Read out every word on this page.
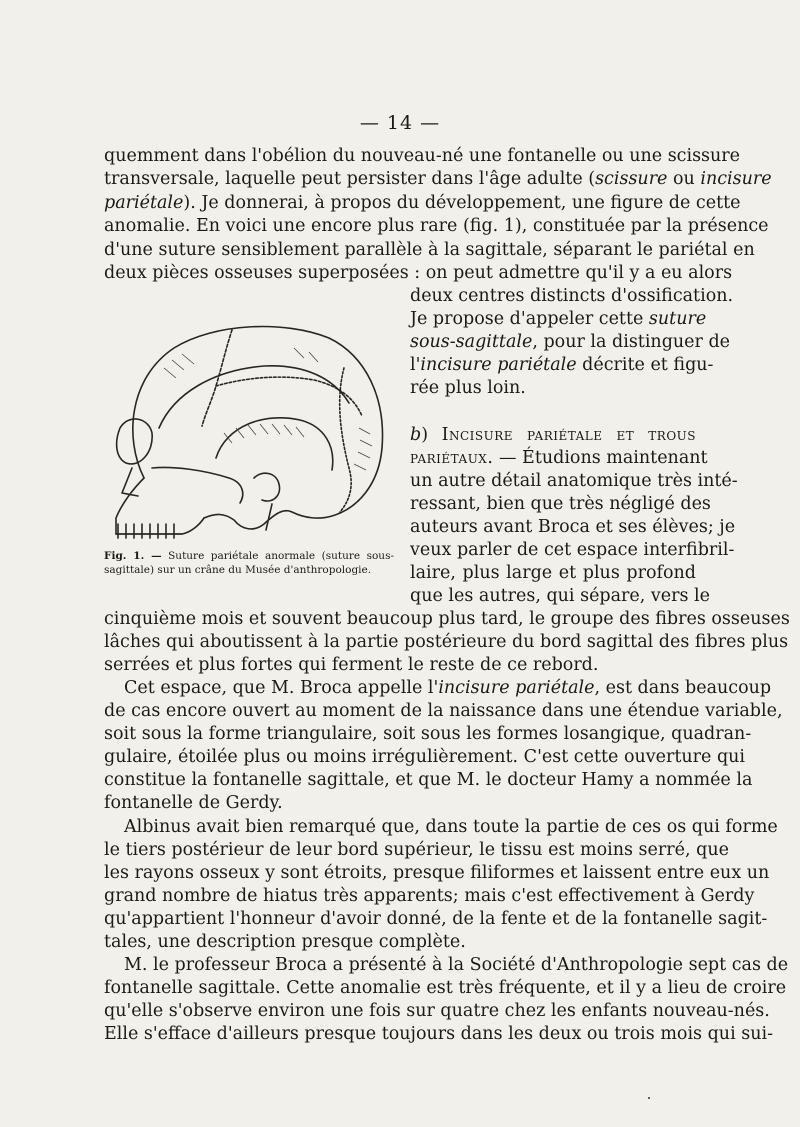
— 14 —
quemment dans l'obélion du nouveau-né une fontanelle ou une scissure
transversale, laquelle peut persister dans l'âge adulte (scissure ou incisure
pariétale). Je donnerai, à propos du développement, une figure de cette
anomalie. En voici une encore plus rare (fig. 1), constituée par la présence
d'une suture sensiblement parallèle à la sagittale, séparant le pariétal en
deux pièces osseuses superposées : on peut admettre qu'il y a eu alors
deux centres distincts d'ossification.
Je propose d'appeler cette suture
sous-sagittale, pour la distinguer de
l'incisure pariétale décrite et figu-
rée plus loin.
b) Incisure pariétale et trous
pariétaux. — Étudions maintenant
un autre détail anatomique très inté-
ressant, bien que très négligé des
auteurs avant Broca et ses élèves; je
veux parler de cet espace interfibril-
laire, plus large et plus profond
que les autres, qui sépare, vers le
cinquième mois et souvent beaucoup plus tard, le groupe des fibres osseuses
lâches qui aboutissent à la partie postérieure du bord sagittal des fibres plus
serrées et plus fortes qui ferment le reste de ce rebord.
Cet espace, que M. Broca appelle l'incisure pariétale, est dans beaucoup
de cas encore ouvert au moment de la naissance dans une étendue variable,
soit sous la forme triangulaire, soit sous les formes losangique, quadran-
gulaire, étoilée plus ou moins irrégulièrement. C'est cette ouverture qui
constitue la fontanelle sagittale, et que M. le docteur Hamy a nommée la
fontanelle de Gerdy.
Albinus avait bien remarqué que, dans toute la partie de ces os qui forme
le tiers postérieur de leur bord supérieur, le tissu est moins serré, que
les rayons osseux y sont étroits, presque filiformes et laissent entre eux un
grand nombre de hiatus très apparents; mais c'est effectivement à Gerdy
qu'appartient l'honneur d'avoir donné, de la fente et de la fontanelle sagit-
tales, une description presque complète.
M. le professeur Broca a présenté à la Société d'Anthropologie sept cas de
fontanelle sagittale. Cette anomalie est très fréquente, et il y a lieu de croire
qu'elle s'observe environ une fois sur quatre chez les enfants nouveau-nés.
Elle s'efface d'ailleurs presque toujours dans les deux ou trois mois qui sui-
Fig. 1. — Suture pariétale anormale (suture sous-sagittale) sur un crâne du Musée d'anthropologie.
